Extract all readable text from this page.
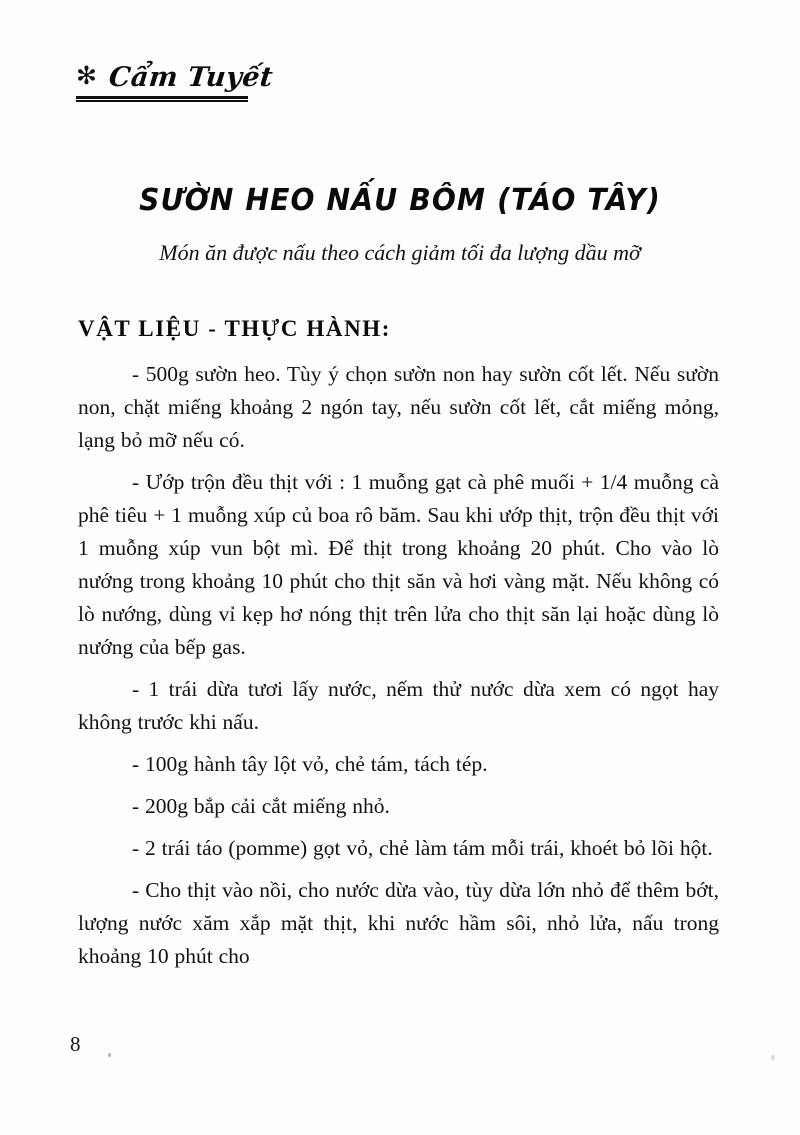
✻ Cẩm Tuyết
SƯỜN HEO NẤU BÔM (TÁO TÂY)
Món ăn được nấu theo cách giảm tối đa lượng dầu mỡ
VẬT LIỆU - THỰC HÀNH:

- 500g sườn heo. Tùy ý chọn sườn non hay sườn cốt lết. Nếu sườn non, chặt miếng khoảng 2 ngón tay, nếu sườn cốt lết, cắt miếng mỏng, lạng bỏ mỡ nếu có.

- Ướp trộn đều thịt với : 1 muỗng gạt cà phê muối + 1/4 muỗng cà phê tiêu + 1 muỗng xúp củ boa rô băm. Sau khi ướp thịt, trộn đều thịt với 1 muỗng xúp vun bột mì. Để thịt trong khoảng 20 phút. Cho vào lò nướng trong khoảng 10 phút cho thịt săn và hơi vàng mặt. Nếu không có lò nướng, dùng vỉ kẹp hơ nóng thịt trên lửa cho thịt săn lại hoặc dùng lò nướng của bếp gas.

- 1 trái dừa tươi lấy nước, nếm thử nước dừa xem có ngọt hay không trước khi nấu.

- 100g hành tây lột vỏ, chẻ tám, tách tép.

- 200g bắp cải cắt miếng nhỏ.

- 2 trái táo (pomme) gọt vỏ, chẻ làm tám mỗi trái, khoét bỏ lõi hột.

- Cho thịt vào nồi, cho nước dừa vào, tùy dừa lớn nhỏ để thêm bớt, lượng nước xăm xắp mặt thịt, khi nước hầm sôi, nhỏ lửa, nấu trong khoảng 10 phút cho

8
